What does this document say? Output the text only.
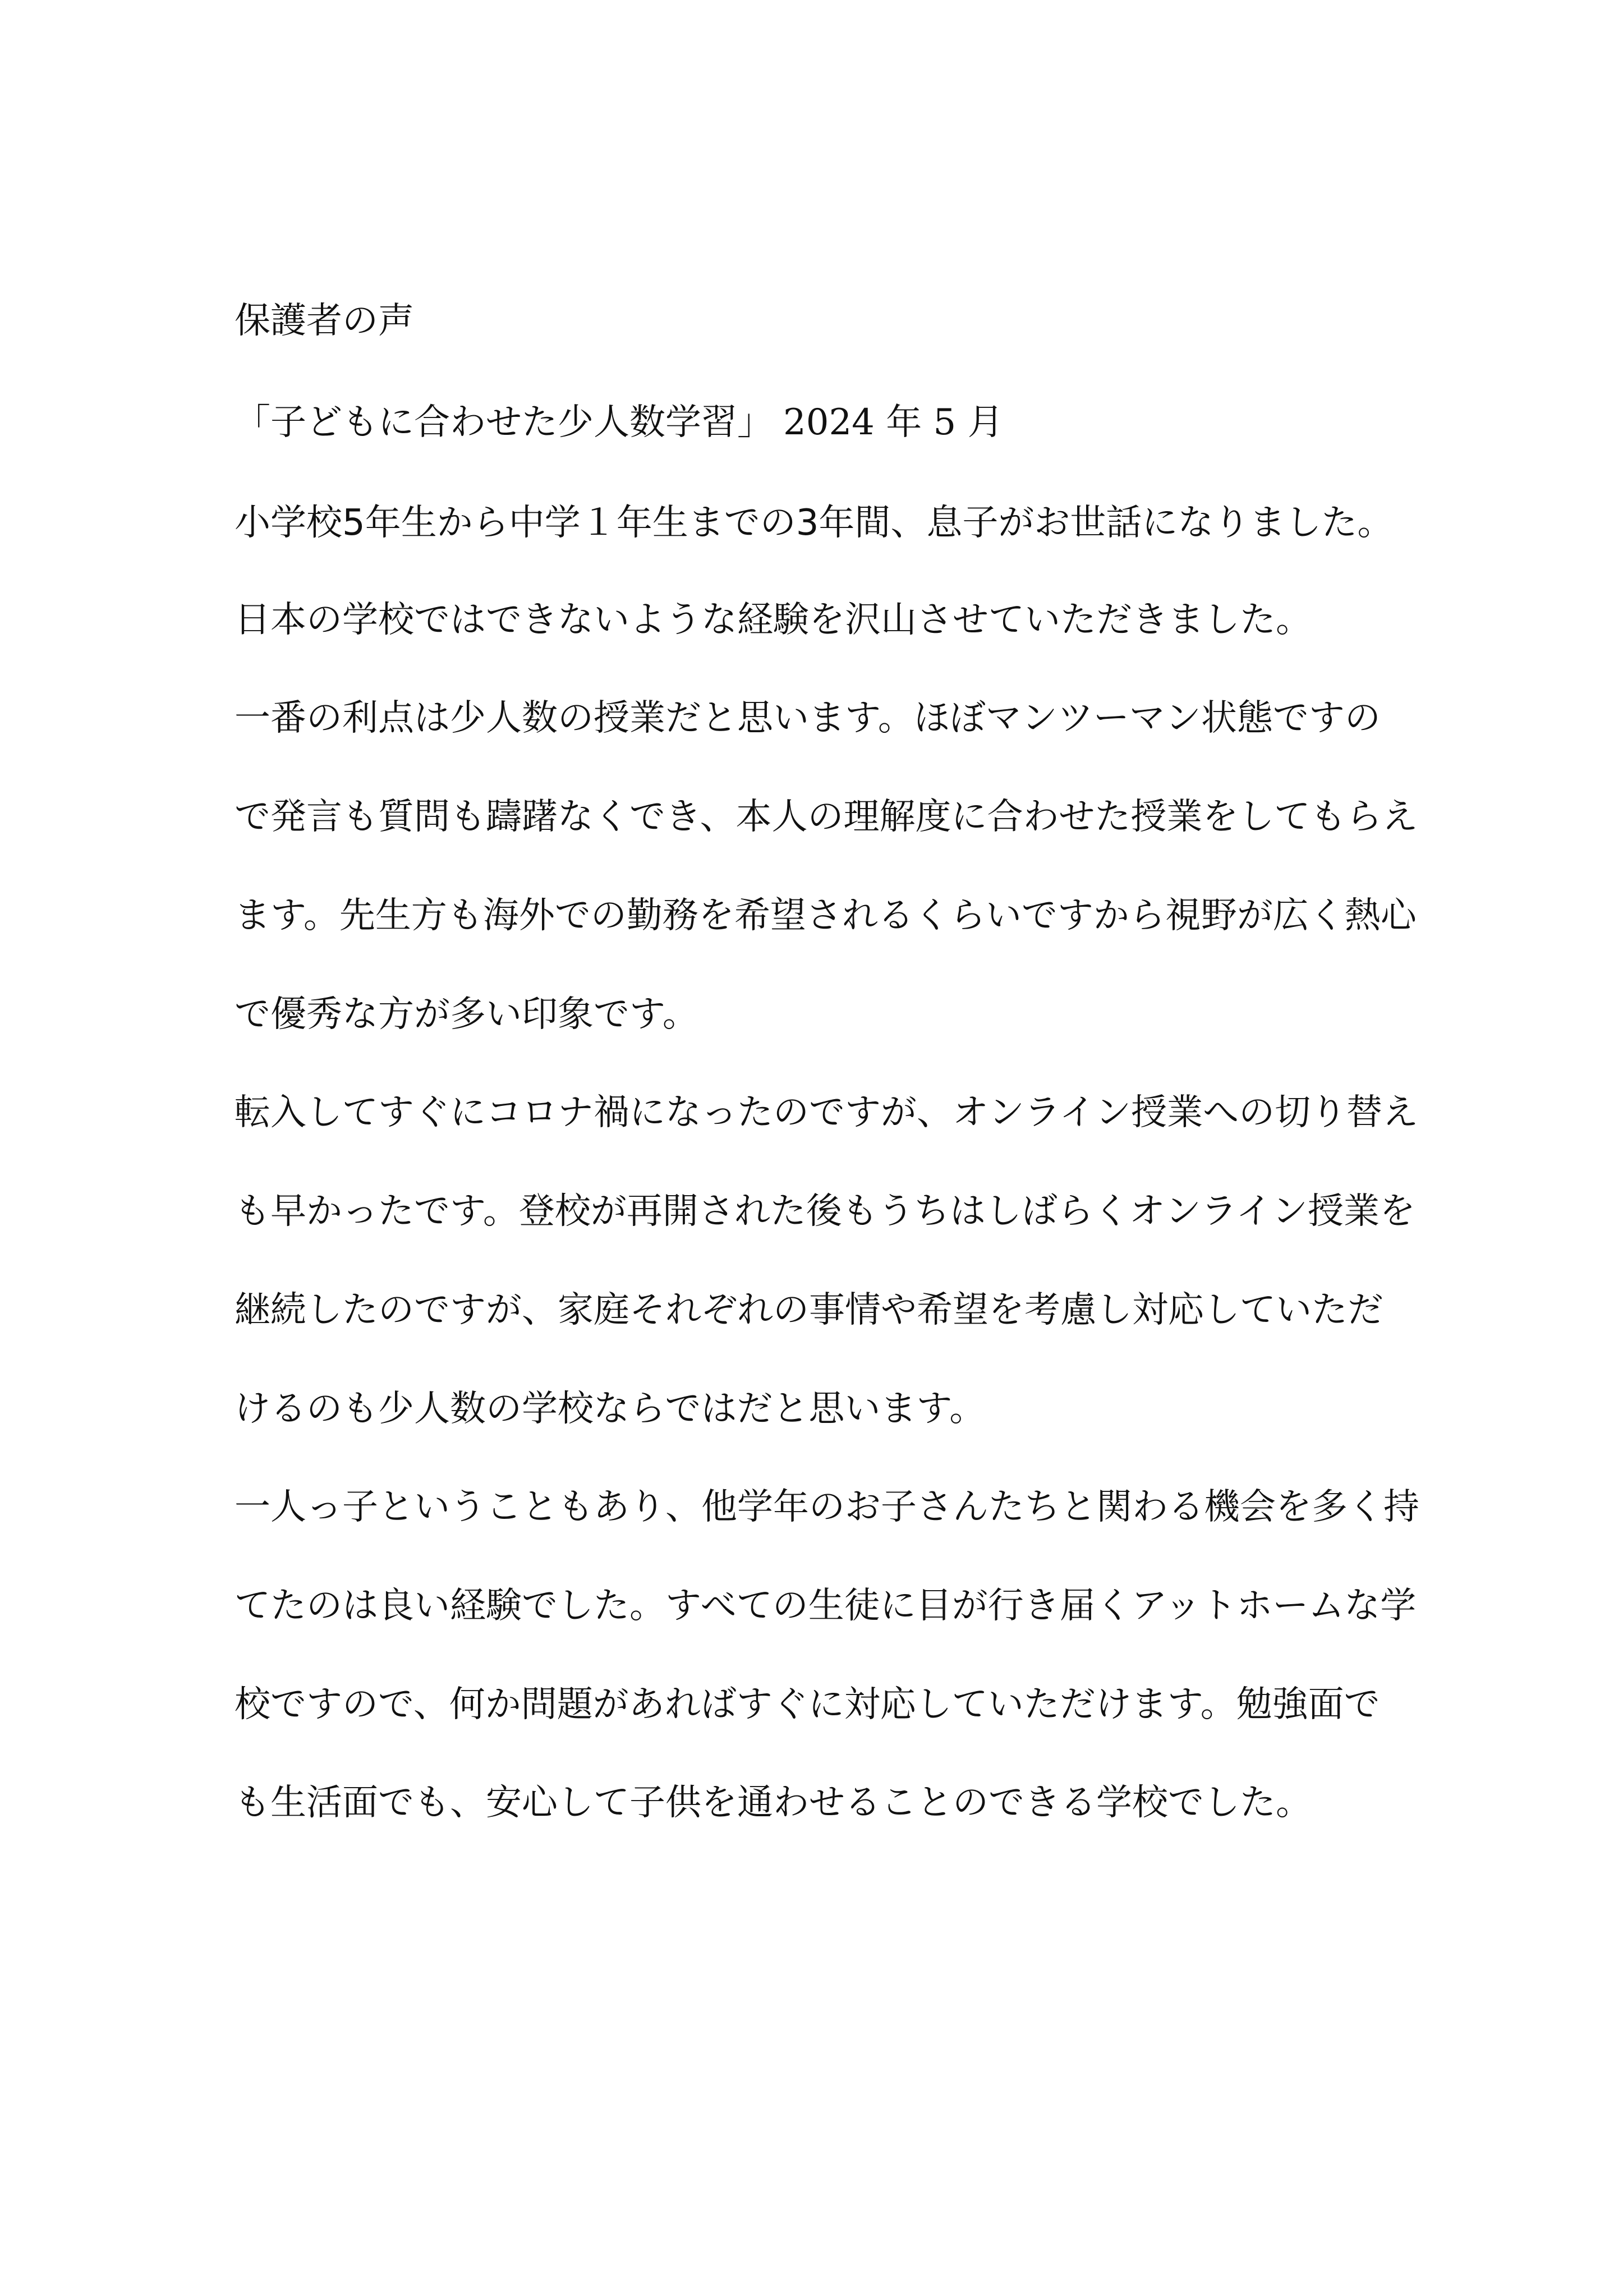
保護者の声
「子どもに合わせた少人数学習」 2024 年 5 月
小学校5年生から中学１年生までの3年間、息子がお世話になりました。
日本の学校ではできないような経験を沢山させていただきました。
一番の利点は少人数の授業だと思います。ほぼマンツーマン状態ですの
で発言も質問も躊躇なくでき、本人の理解度に合わせた授業をしてもらえ
ます。先生方も海外での勤務を希望されるくらいですから視野が広く熱心
で優秀な方が多い印象です。
転入してすぐにコロナ禍になったのですが、オンライン授業への切り替え
も早かったです。登校が再開された後もうちはしばらくオンライン授業を
継続したのですが、家庭それぞれの事情や希望を考慮し対応していただ
けるのも少人数の学校ならではだと思います。
一人っ子ということもあり、他学年のお子さんたちと関わる機会を多く持
てたのは良い経験でした。すべての生徒に目が行き届くアットホームな学
校ですので、何か問題があればすぐに対応していただけます。勉強面で
も生活面でも、安心して子供を通わせることのできる学校でした。
